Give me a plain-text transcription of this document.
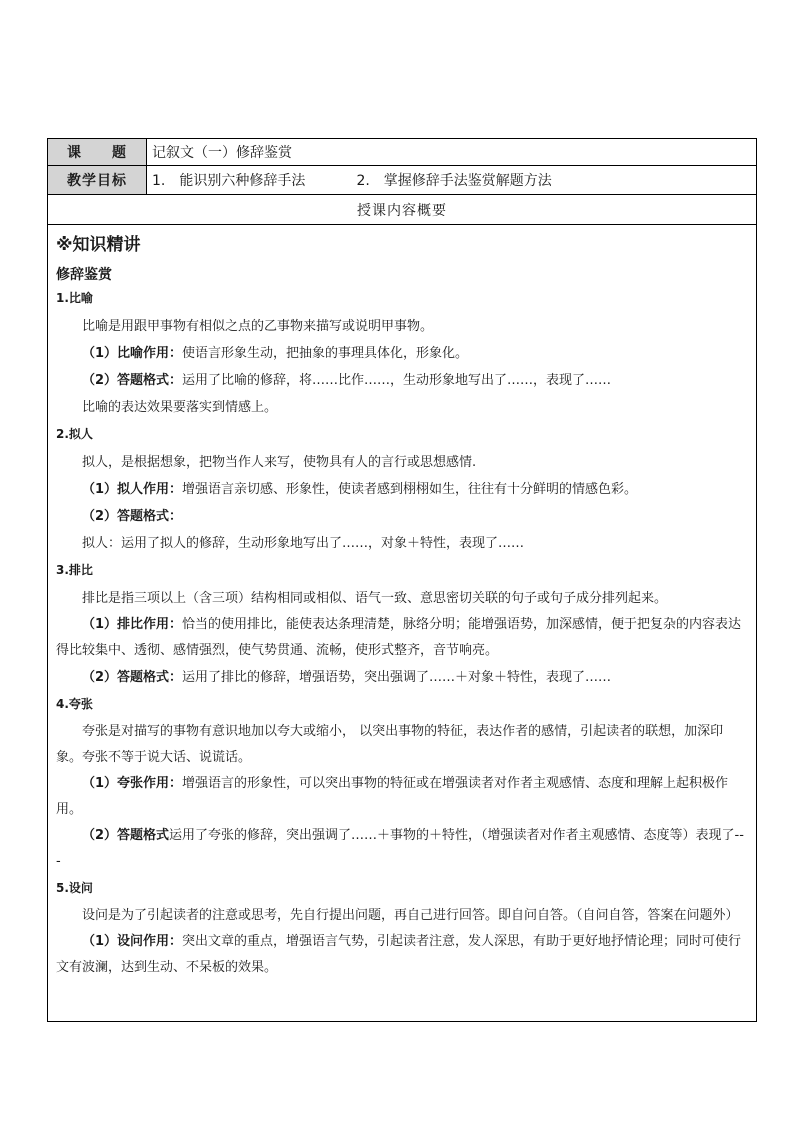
课　　题	记叙文（一）修辞鉴赏
教学目标	1.　能识别六种修辞手法 2.　掌握修辞手法鉴赏解题方法
授课内容概要	
※知识精讲
修辞鉴赏
1.比喻

比喻是用跟甲事物有相似之点的乙事物来描写或说明甲事物。

（1）比喻作用：使语言形象生动，把抽象的事理具体化，形象化。

（2）答题格式：运用了比喻的修辞，将……比作……，生动形象地写出了……，表现了……

比喻的表达效果要落实到情感上。

2.拟人

拟人，是根据想象，把物当作人来写，使物具有人的言行或思想感情.

（1）拟人作用：增强语言亲切感、形象性，使读者感到栩栩如生，往往有十分鲜明的情感色彩。

（2）答题格式：

拟人：运用了拟人的修辞，生动形象地写出了……，对象＋特性，表现了……

3.排比

排比是指三项以上（含三项）结构相同或相似、语气一致、意思密切关联的句子或句子成分排列起来。

（1）排比作用：恰当的使用排比，能使表达条理清楚，脉络分明；能增强语势，加深感情，便于把复杂的内容表达得比较集中、透彻、感情强烈，使气势贯通、流畅，使形式整齐，音节响亮。

（2）答题格式：运用了排比的修辞，增强语势，突出强调了……＋对象＋特性，表现了……

4.夸张

夸张是对描写的事物有意识地加以夸大或缩小， 以突出事物的特征，表达作者的感情，引起读者的联想，加深印象。夸张不等于说大话、说谎话。

（1）夸张作用：增强语言的形象性，可以突出事物的特征或在增强读者对作者主观感情、态度和理解上起积极作用。

（2）答题格式运用了夸张的修辞，突出强调了……＋事物的＋特性，（增强读者对作者主观感情、态度等）表现了---

5.设问

设问是为了引起读者的注意或思考，先自行提出问题，再自己进行回答。即自问自答。（自问自答，答案在问题外）

（1）设问作用：突出文章的重点，增强语言气势，引起读者注意，发人深思，有助于更好地抒情论理；同时可使行文有波澜，达到生动、不呆板的效果。
